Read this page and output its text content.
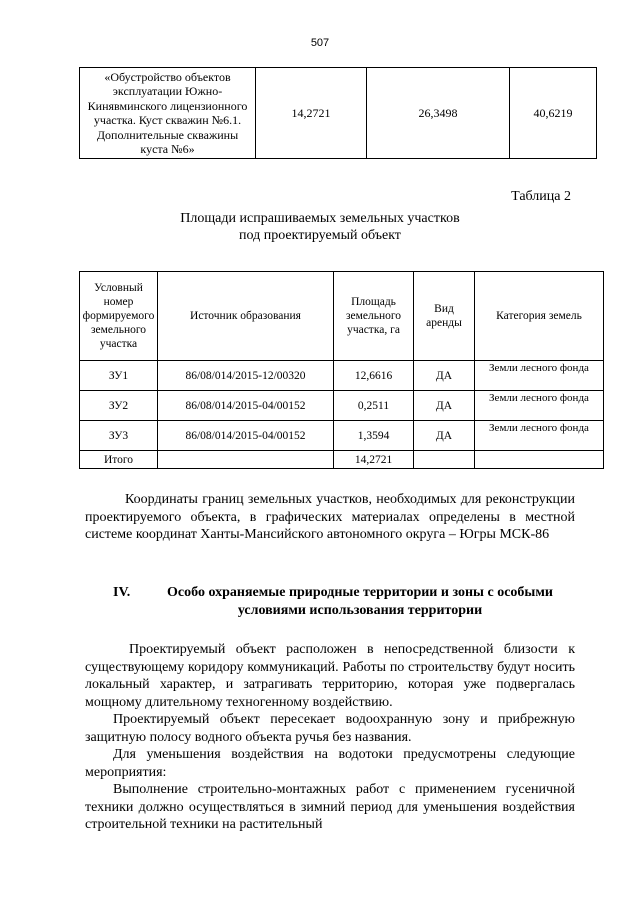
507
«Обустройство объектов эксплуатации Южно-Кинявминского лицензионного участка. Куст скважин №6.1. Дополнительные скважины куста №6»	14,2721	26,3498	40,6219
Таблица 2
Площади испрашиваемых земельных участков
под проектируемый объект
Условный номер формируемого земельного участка	Источник образования	Площадь земельного участка, га	Вид аренды	Категория земель
ЗУ1	86/08/014/2015-12/00320	12,6616	ДА	Земли лесного фонда
ЗУ2	86/08/014/2015-04/00152	0,2511	ДА	Земли лесного фонда
ЗУ3	86/08/014/2015-04/00152	1,3594	ДА	Земли лесного фонда
Итого		14,2721		
Координаты границ земельных участков, необходимых для реконструкции проектируемого объекта, в графических материалах определены в местной системе координат Ханты-Мансийского автономного округа – Югры МСК-86
IV.	Особо охраняемые природные территории и зоны с особыми условиями использования территории
Проектируемый объект расположен в непосредственной близости к существующему коридору коммуникаций. Работы по строительству будут носить локальный характер, и затрагивать территорию, которая уже подвергалась мощному длительному техногенному воздействию.
Проектируемый объект пересекает водоохранную зону и прибрежную защитную полосу водного объекта ручья без названия.
Для уменьшения воздействия на водотоки предусмотрены следующие мероприятия:
Выполнение строительно-монтажных работ с применением гусеничной техники должно осуществляться в зимний период для уменьшения воздействия строительной техники на растительный
